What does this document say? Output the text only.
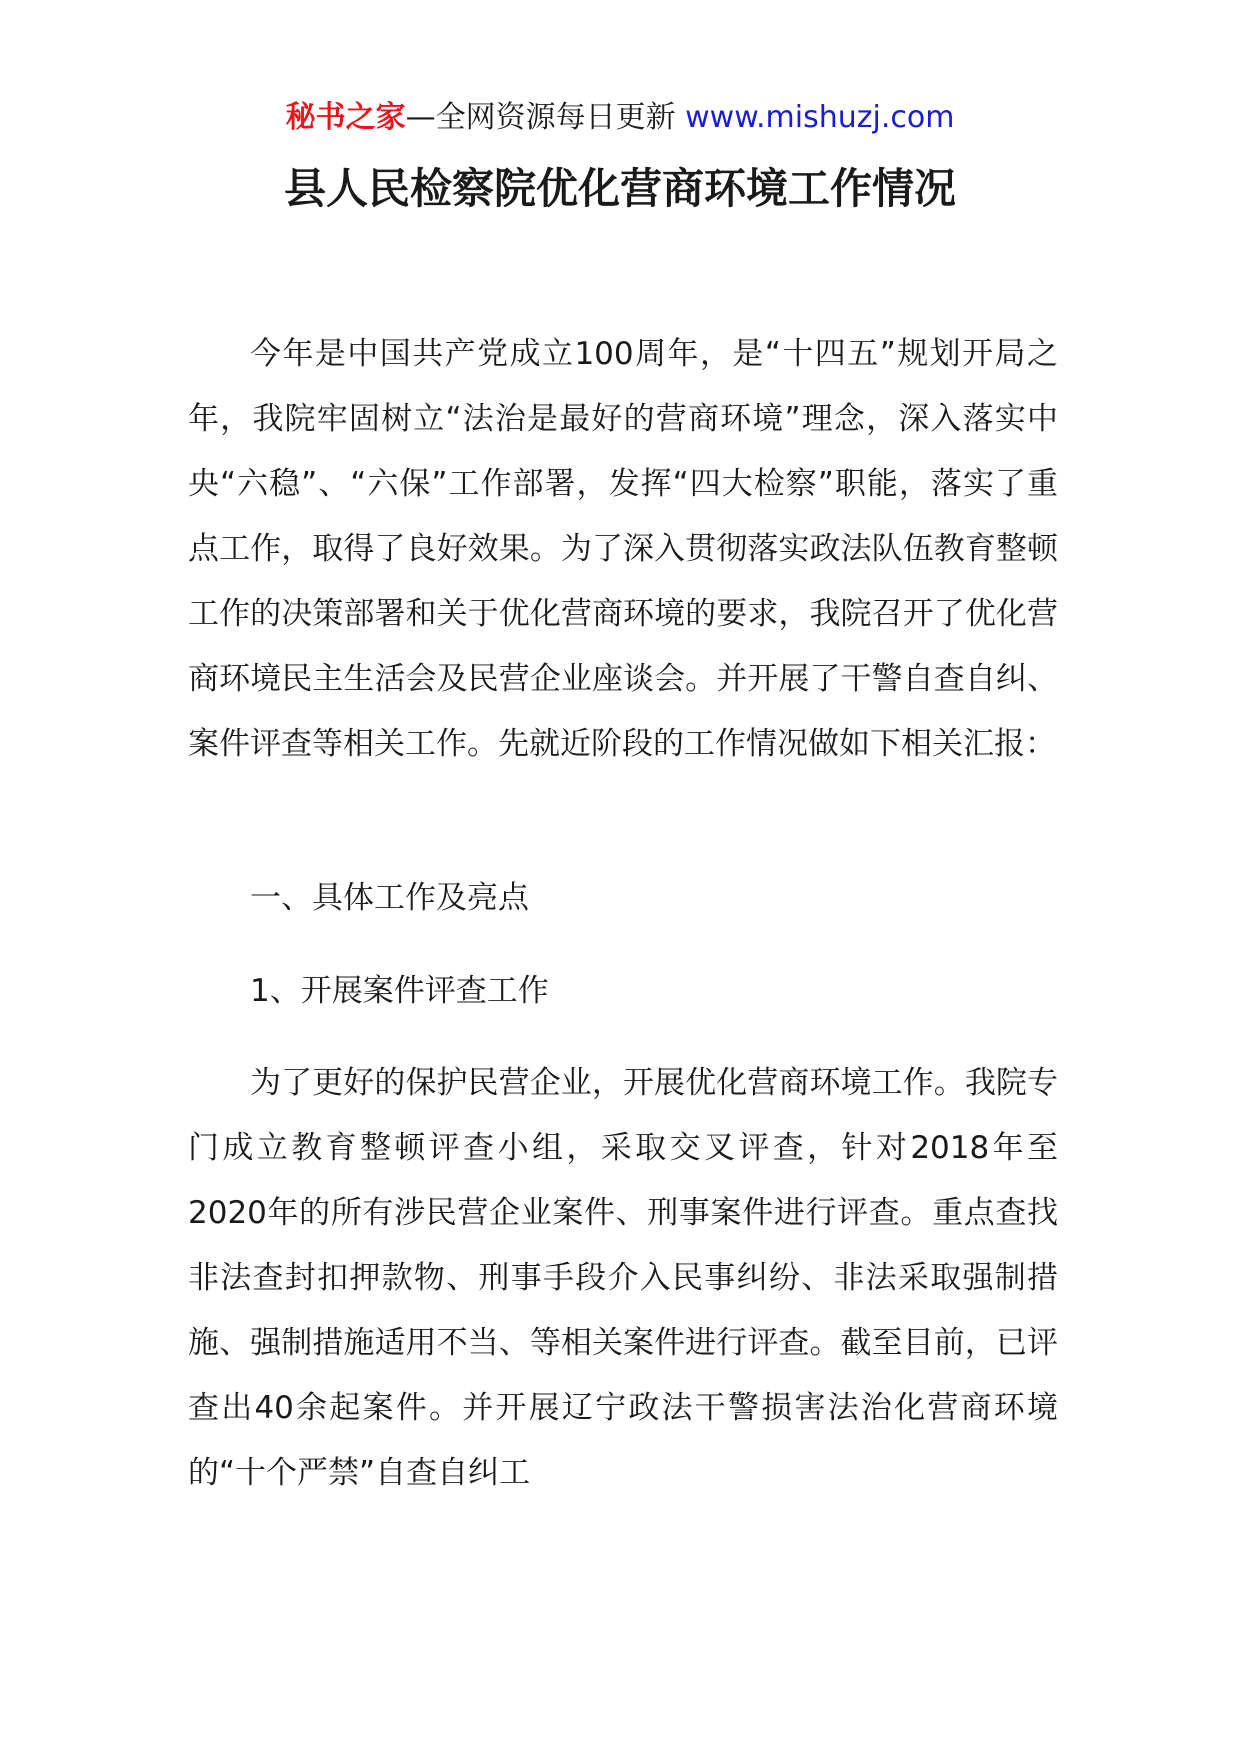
秘书之家—全网资源每日更新 www.mishuzj.com
县人民检察院优化营商环境工作情况

今年是中国共产党成立100周年，是“十四五”规划开局之年，我院牢固树立“法治是最好的营商环境”理念，深入落实中央“六稳”、“六保”工作部署，发挥“四大检察”职能，落实了重点工作，取得了良好效果。为了深入贯彻落实政法队伍教育整顿工作的决策部署和关于优化营商环境的要求，我院召开了优化营商环境民主生活会及民营企业座谈会。并开展了干警自查自纠、案件评查等相关工作。先就近阶段的工作情况做如下相关汇报：

一、具体工作及亮点

1、开展案件评查工作

为了更好的保护民营企业，开展优化营商环境工作。我院专门成立教育整顿评查小组，采取交叉评查，针对2018年至2020年的所有涉民营企业案件、刑事案件进行评查。重点查找非法查封扣押款物、刑事手段介入民事纠纷、非法采取强制措施、强制措施适用不当、等相关案件进行评查。截至目前，已评查出40余起案件。并开展辽宁政法干警损害法治化营商环境的“十个严禁”自查自纠工
